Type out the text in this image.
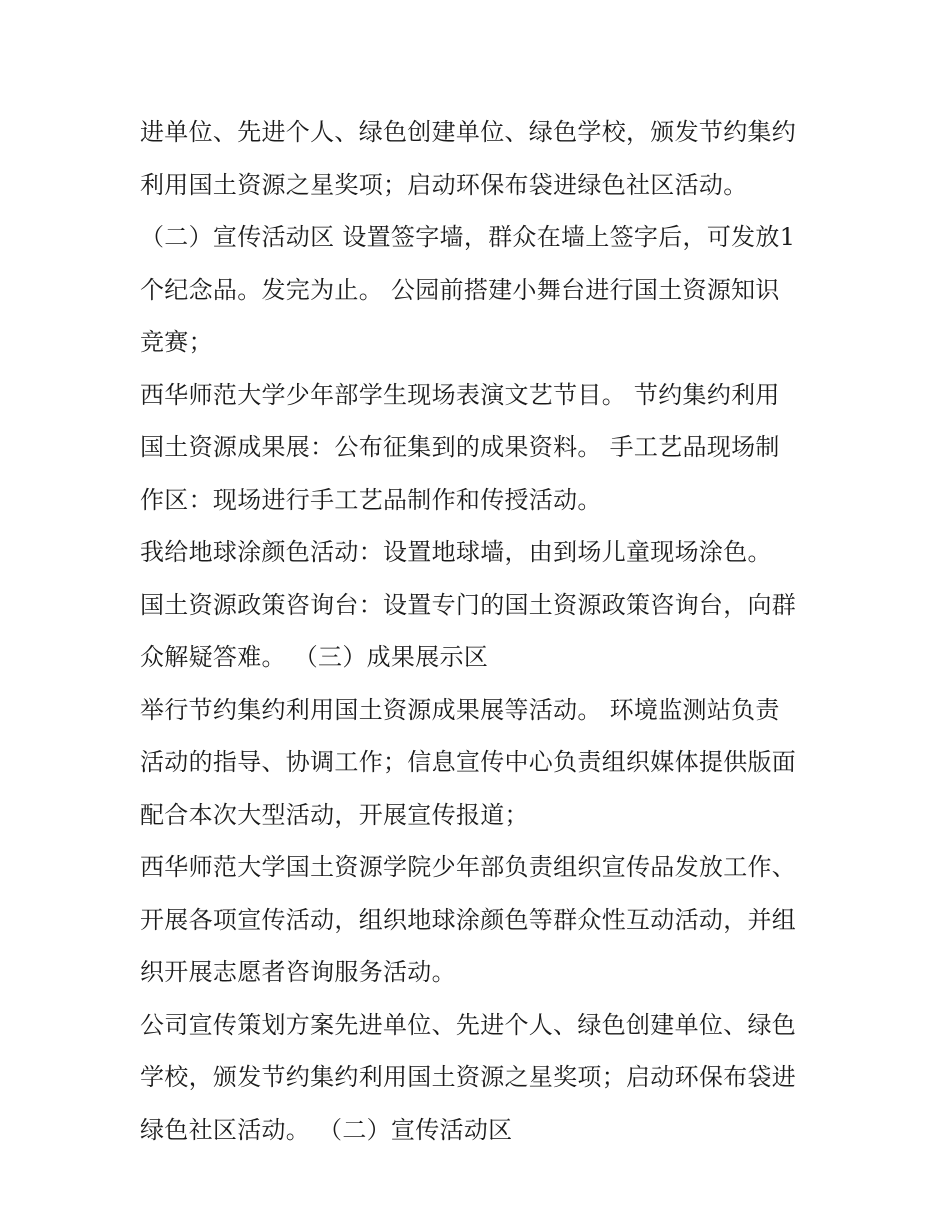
进单位、先进个人、绿色创建单位、绿色学校，颁发节约集约
利用国土资源之星奖项；启动环保布袋进绿色社区活动。
（二）宣传活动区 设置签字墙，群众在墙上签字后，可发放1
个纪念品。发完为止。 公园前搭建小舞台进行国土资源知识
竞赛；
西华师范大学少年部学生现场表演文艺节目。 节约集约利用
国土资源成果展：公布征集到的成果资料。 手工艺品现场制
作区：现场进行手工艺品制作和传授活动。
我给地球涂颜色活动：设置地球墙，由到场儿童现场涂色。
国土资源政策咨询台：设置专门的国土资源政策咨询台，向群
众解疑答难。 （三）成果展示区
举行节约集约利用国土资源成果展等活动。 环境监测站负责
活动的指导、协调工作；信息宣传中心负责组织媒体提供版面
配合本次大型活动，开展宣传报道；
西华师范大学国土资源学院少年部负责组织宣传品发放工作、
开展各项宣传活动，组织地球涂颜色等群众性互动活动，并组
织开展志愿者咨询服务活动。
公司宣传策划方案先进单位、先进个人、绿色创建单位、绿色
学校，颁发节约集约利用国土资源之星奖项；启动环保布袋进
绿色社区活动。 （二）宣传活动区
